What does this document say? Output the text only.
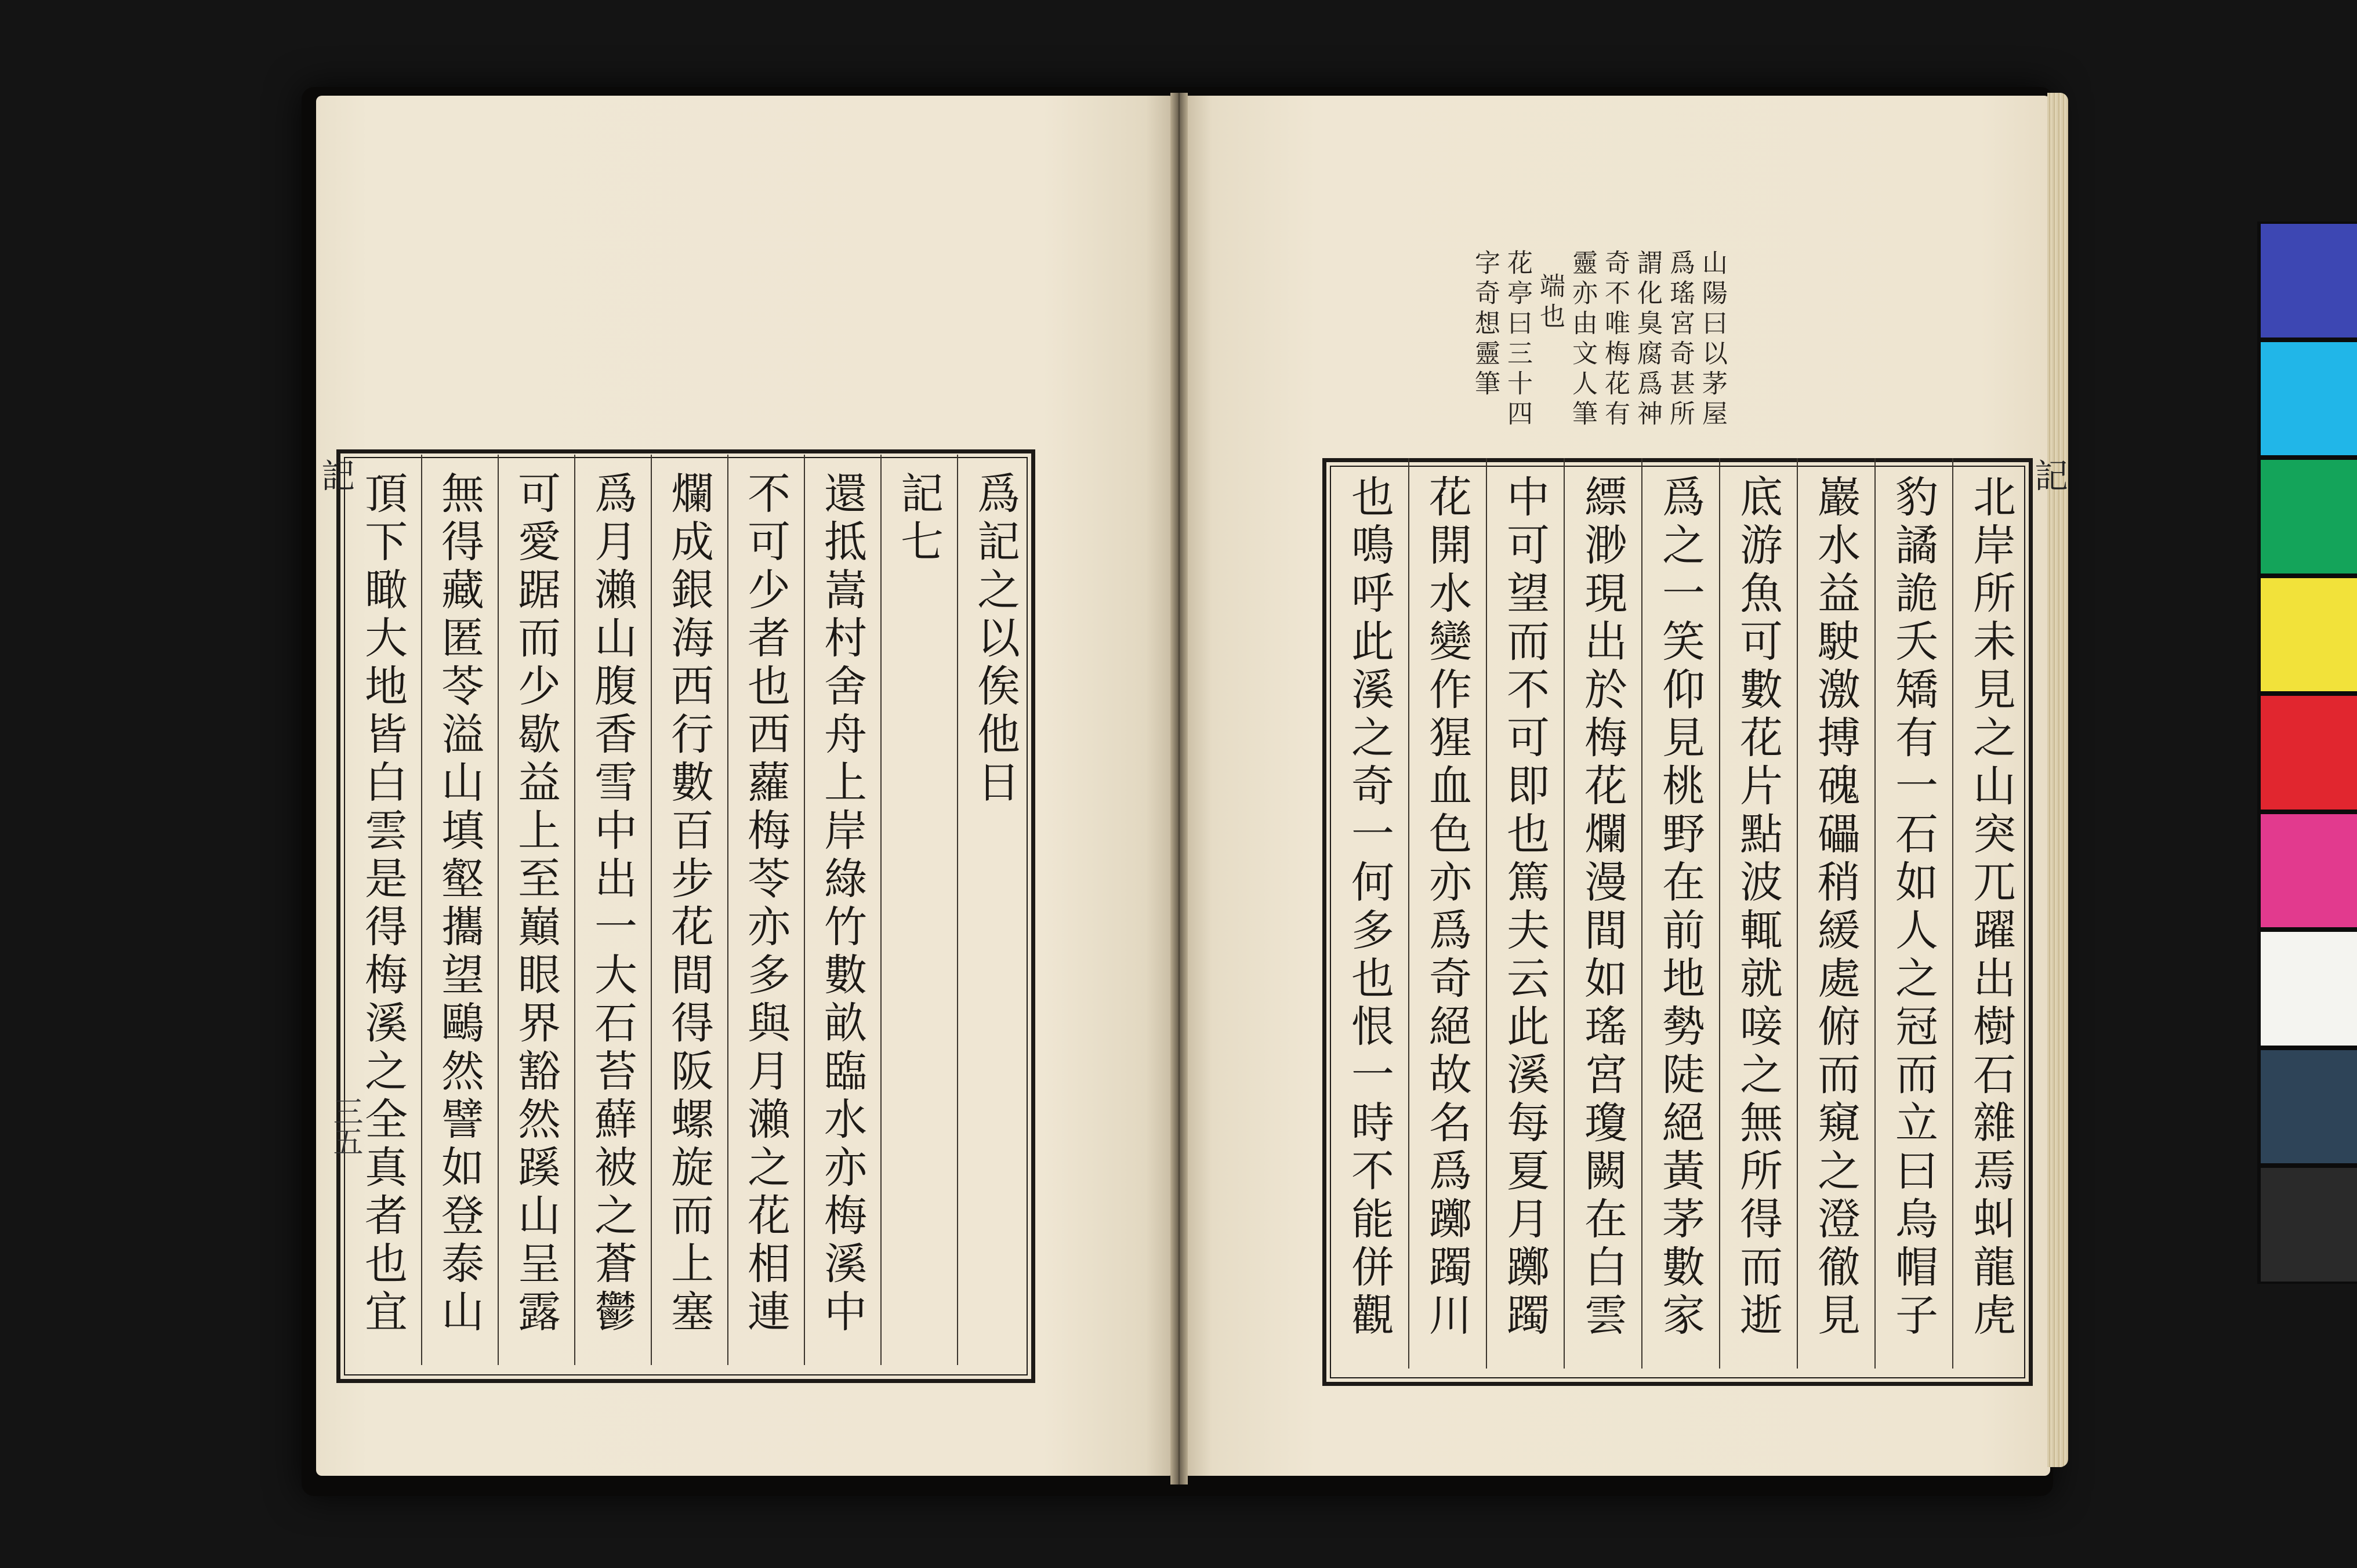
爲記之以俟他日
記七
還抵嵩村舍舟上岸綠竹數畝臨水亦梅溪中
不可少者也西蘿梅苓亦多與月瀨之花相連
爛成銀海西行數百步花間得阪螺旋而上塞
爲月瀨山腹香雪中出一大石苔蘚被之蒼鬱
可愛踞而少歇益上至巔眼界豁然蹊山呈露
無得藏匿苓溢山填壑攜望鷗然譬如登泰山
頂下瞰大地皆白雲是得梅溪之全真者也宜
記
三五	北岸所未見之山突兀躍出樹石雜焉虯龍虎
豹譎詭夭矯有一石如人之冠而立曰烏帽子
巖水益駛激搏磈礧稍緩處俯而窺之澄徹見
底游魚可數花片點波輒就唼之無所得而逝
爲之一笑仰見桃野在前地勢陡絕黃茅數家
縹渺現出於梅花爛漫間如瑤宮瓊闕在白雲
中可望而不可即也篤夫云此溪每夏月躑躅
花開水變作猩血色亦爲奇絕故名爲躑躅川
也鳴呼此溪之奇一何多也恨一時不能併觀
山陽曰以茅屋
爲瑤宮奇甚所
謂化臭腐爲神
奇不唯梅花有
靈亦由文人筆
端也
花亭曰三十四
字奇想靈筆
記
